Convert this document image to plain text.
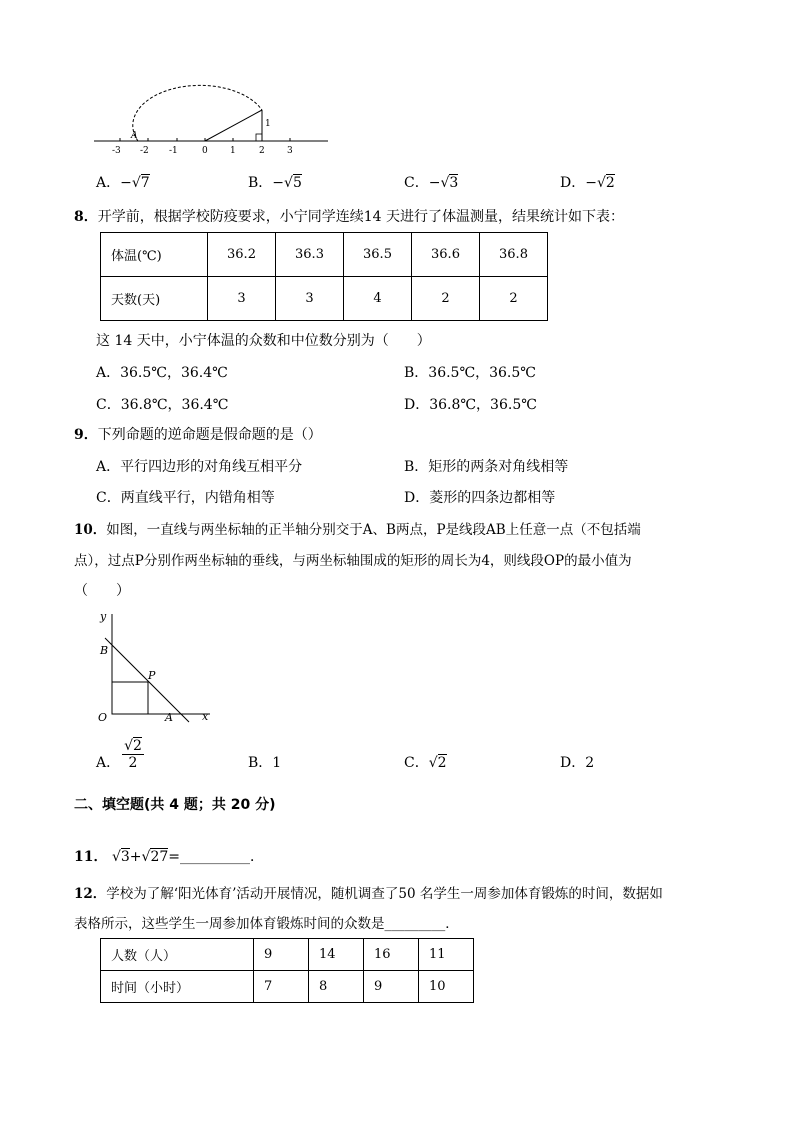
A
1
-3 -2 -1	0 1	2 3
A．−√7	B．−√5	C．−√3	D．−√2
8．开学前，根据学校防疫要求，小宁同学连续14 天进行了体温测量，结果统计如下表：
体温(℃)	36.2	36.3	36.5	36.6	36.8
天数(天)	3	3	4	2	2
这 14 天中，小宁体温的众数和中位数分别为（　　）
A．36.5℃，36.4℃	B．36.5℃，36.5℃
C．36.8℃，36.4℃	D．36.8℃，36.5℃
9．下列命题的逆命题是假命题的是（）
A．平行四边形的对角线互相平分	B．矩形的两条对角线相等
C．两直线平行，内错角相等	D．菱形的四条边都相等
10．如图，一直线与两坐标轴的正半轴分别交于A、B两点，P是线段AB上任意一点（不包括端
点），过点P分别作两坐标轴的垂线，与两坐标轴围成的矩形的周长为4，则线段OP的最小值为
（　　）
y
B
P
O	A	x
A． $\frac{√2}{2}$	B．1	C．√2	D．2
二、填空题(共 4 题；共 20 分)
11． √3+√27=__________．
12．学校为了解‘阳光体育’活动开展情况，随机调查了50 名学生一周参加体育锻炼的时间，数据如
表格所示，这些学生一周参加体育锻炼时间的众数是_________．
人数（人）	9	14	16	11
时间（小时）	7	8	9	10
